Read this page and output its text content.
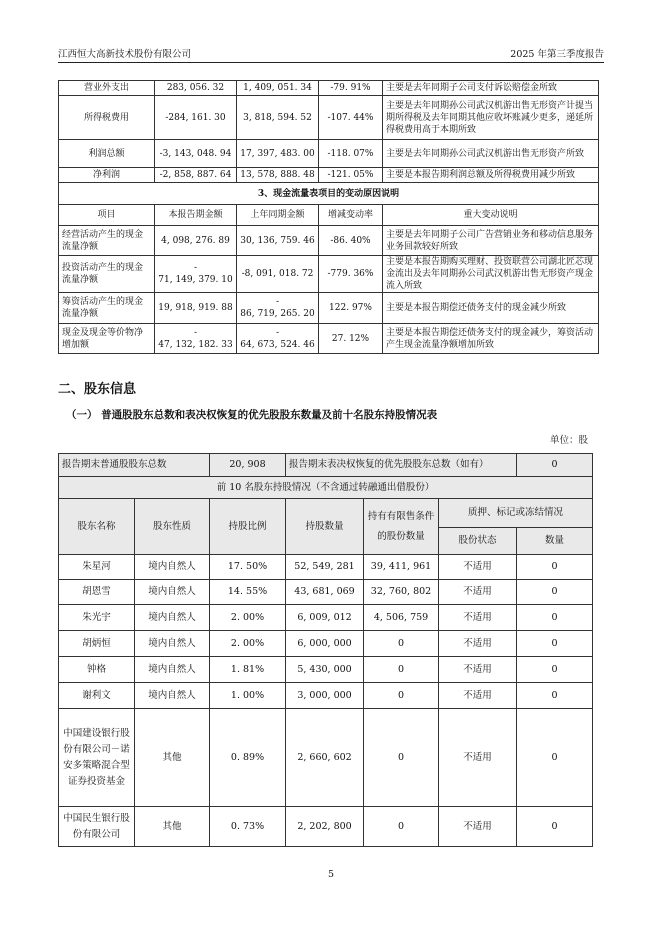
江西恒大高新技术股份有限公司	2025 年第三季度报告
营业外支出	283, 056. 32	1, 409, 051. 34	-79. 91%	主要是去年同期子公司支付诉讼赔偿金所致
所得税费用	-284, 161. 30	3, 818, 594. 52	-107. 44%	主要是去年同期孙公司武汉机游出售无形资产计提当期所得税及去年同期其他应收坏账减少更多，递延所得税费用高于本期所致
利润总额	-3, 143, 048. 94	17, 397, 483. 00	-118. 07%	主要是去年同期孙公司武汉机游出售无形资产所致
净利润	-2, 858, 887. 64	13, 578, 888. 48	-121. 05%	主要是本报告期利润总额及所得税费用减少所致
3、现金流量表项目的变动原因说明				
项目	本报告期金额	上年同期金额	增减变动率	重大变动说明
经营活动产生的现金流量净额	4, 098, 276. 89	30, 136, 759. 46	-86. 40%	主要是去年同期子公司广告营销业务和移动信息服务业务回款较好所致
投资活动产生的现金流量净额	-
71, 149, 379. 10	-8, 091, 018. 72	-779. 36%	主要是本报告期购买理财、投资联营公司湖北匠芯现金流出及去年同期孙公司武汉机游出售无形资产现金流入所致
筹资活动产生的现金流量净额	19, 918, 919. 88	-
86, 719, 265. 20	122. 97%	主要是本报告期偿还债务支付的现金减少所致
现金及现金等价物净增加额	-
47, 132, 182. 33	-
64, 673, 524. 46	27. 12%	主要是本报告期偿还债务支付的现金减少，筹资活动产生现金流量净额增加所致
二、股东信息
（一） 普通股股东总数和表决权恢复的优先股股东数量及前十名股东持股情况表
单位：股
报告期末普通股股东总数		20, 908	报告期末表决权恢复的优先股股东总数（如有）			0
前 10 名股东持股情况（不含通过转融通出借股份）						
股东名称	股东性质	持股比例	持股数量	持有有限售条件的股份数量	质押、标记或冻结情况	
					股份状态	数量
朱星河	境内自然人	17. 50%	52, 549, 281	39, 411, 961	不适用	0
胡恩雪	境内自然人	14. 55%	43, 681, 069	32, 760, 802	不适用	0
朱光宇	境内自然人	2. 00%	6, 009, 012	4, 506, 759	不适用	0
胡炳恒	境内自然人	2. 00%	6, 000, 000	0	不适用	0
钟格	境内自然人	1. 81%	5, 430, 000	0	不适用	0
谢利文	境内自然人	1. 00%	3, 000, 000	0	不适用	0
中国建设银行股份有限公司－诺安多策略混合型证券投资基金	其他	0. 89%	2, 660, 602	0	不适用	0
中国民生银行股份有限公司	其他	0. 73%	2, 202, 800	0	不适用	0
5
